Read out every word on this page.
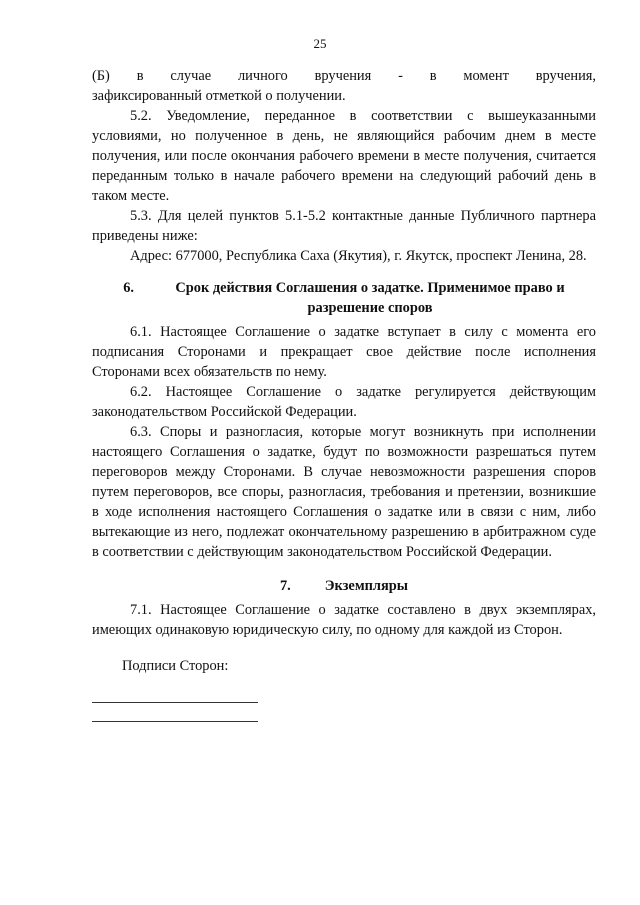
25

(Б) в случае личного вручения - в момент вручения,

зафиксированный отметкой о получении.

5.2. Уведомление, переданное в соответствии с вышеуказанными условиями, но полученное в день, не являющийся рабочим днем в месте получения, или после окончания рабочего времени в месте получения, считается переданным только в начале рабочего времени на следующий рабочий день в таком месте.

5.3. Для целей пунктов 5.1-5.2 контактные данные Публичного партнера приведены ниже:

Адрес: 677000, Республика Саха (Якутия), г. Якутск, проспект Ленина, 28.

6.	Срок действия Соглашения о задатке. Применимое право и разрешение споров

6.1. Настоящее Соглашение о задатке вступает в силу с момента его подписания Сторонами и прекращает свое действие после исполнения Сторонами всех обязательств по нему.

6.2. Настоящее Соглашение о задатке регулируется действующим законодательством Российской Федерации.

6.3. Споры и разногласия, которые могут возникнуть при исполнении настоящего Соглашения о задатке, будут по возможности разрешаться путем переговоров между Сторонами. В случае невозможности разрешения споров путем переговоров, все споры, разногласия, требования и претензии, возникшие в ходе исполнения настоящего Соглашения о задатке или в связи с ним, либо вытекающие из него, подлежат окончательному разрешению в арбитражном суде в соответствии с действующим законодательством Российской Федерации.

7. Экземпляры

7.1. Настоящее Соглашение о задатке составлено в двух экземплярах, имеющих одинаковую юридическую силу, по одному для каждой из Сторон.

Подписи Сторон:
